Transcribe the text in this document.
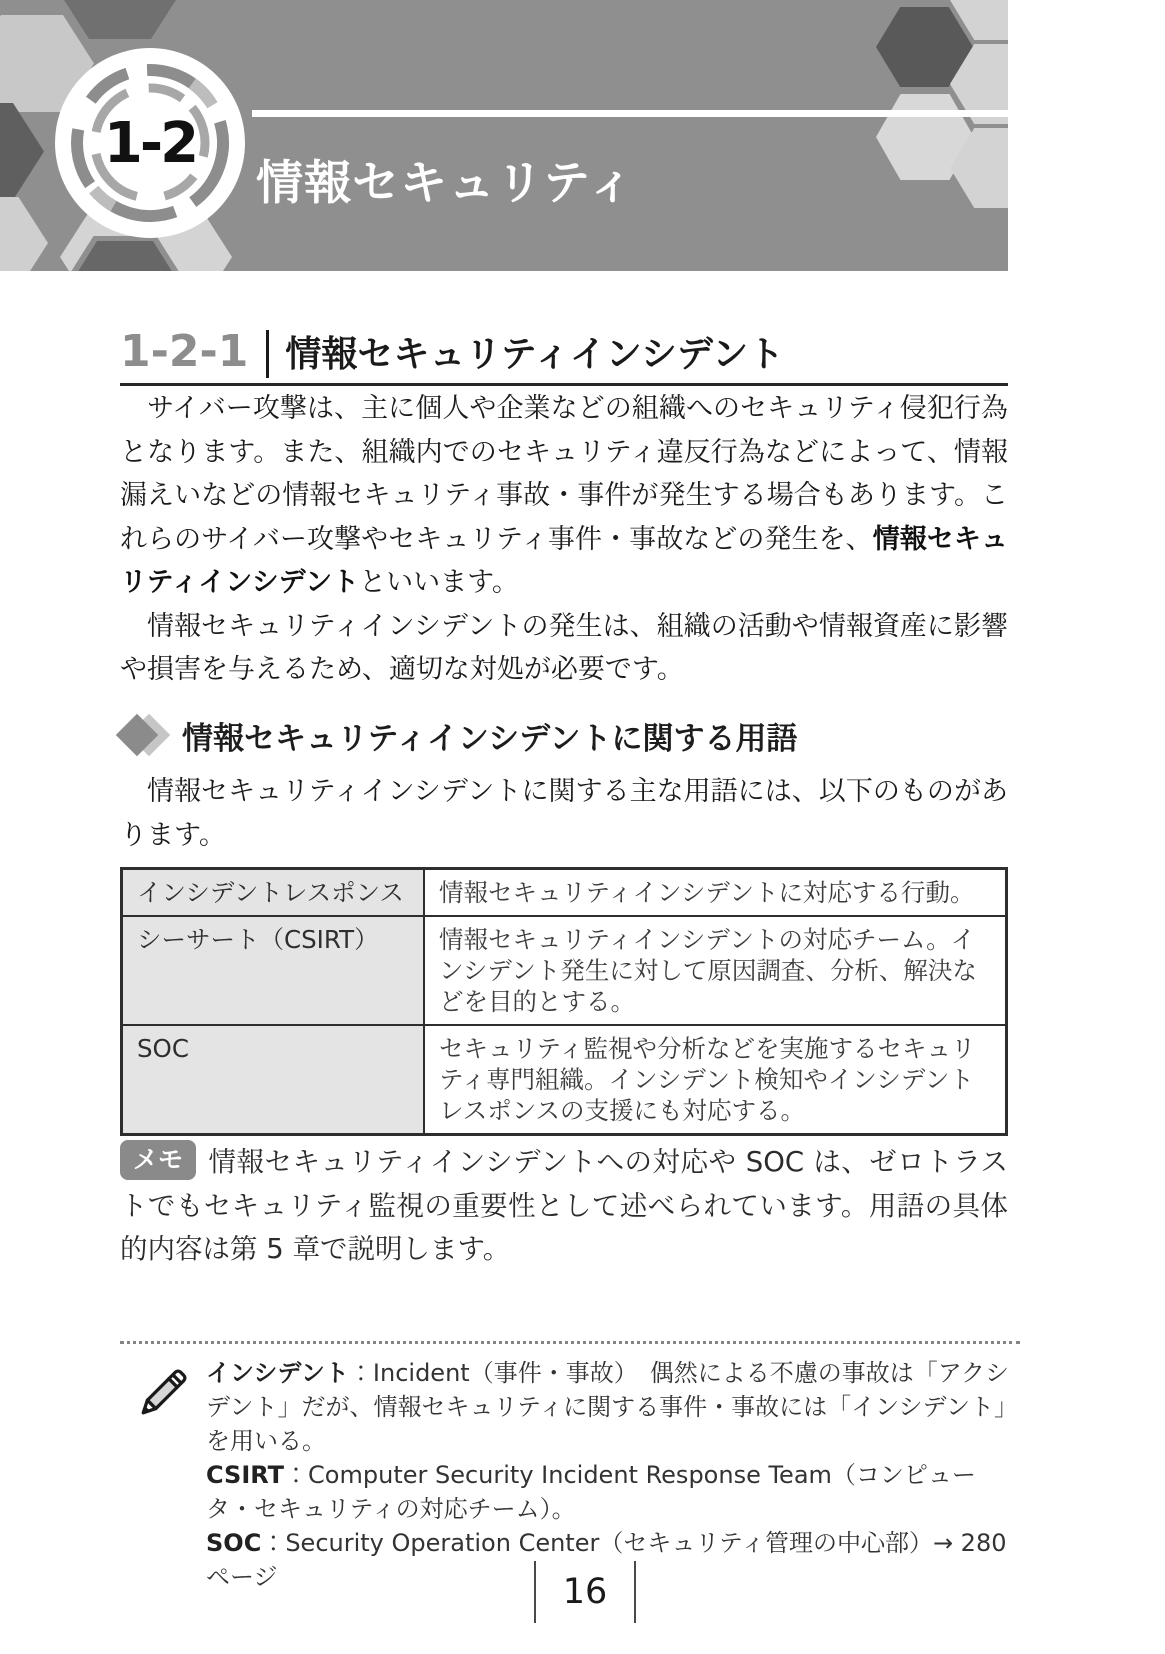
1-2
情報セキュリティ
1-2-1 情報セキュリティインシデント

サイバー攻撃は、主に個人や企業などの組織へのセキュリティ侵犯行為となります。また、組織内でのセキュリティ違反行為などによって、情報漏えいなどの情報セキュリティ事故・事件が発生する場合もあります。これらのサイバー攻撃やセキュリティ事件・事故などの発生を、情報セキュリティインシデントといいます。

情報セキュリティインシデントの発生は、組織の活動や情報資産に影響や損害を与えるため、適切な対処が必要です。

情報セキュリティインシデントに関する用語

情報セキュリティインシデントに関する主な用語には、以下のものがあります。

インシデントレスポンス	情報セキュリティインシデントに対応する行動。
シーサート（CSIRT）	情報セキュリティインシデントの対応チーム。インシデント発生に対して原因調査、分析、解決などを目的とする。
SOC	セキュリティ監視や分析などを実施するセキュリティ専門組織。インシデント検知やインシデントレスポンスの支援にも対応する。
メモ 情報セキュリティインシデントへの対応や SOC は、ゼロトラストでもセキュリティ監視の重要性として述べられています。用語の具体的内容は第 5 章で説明します。

インシデント：Incident（事件・事故）　偶然による不慮の事故は「アクシデント」だが、情報セキュリティに関する事件・事故には「インシデント」を用いる。

CSIRT：Computer Security Incident Response Team（コンピュータ・セキュリティの対応チーム）。

SOC：Security Operation Center（セキュリティ管理の中心部）→ 280 ページ	16
